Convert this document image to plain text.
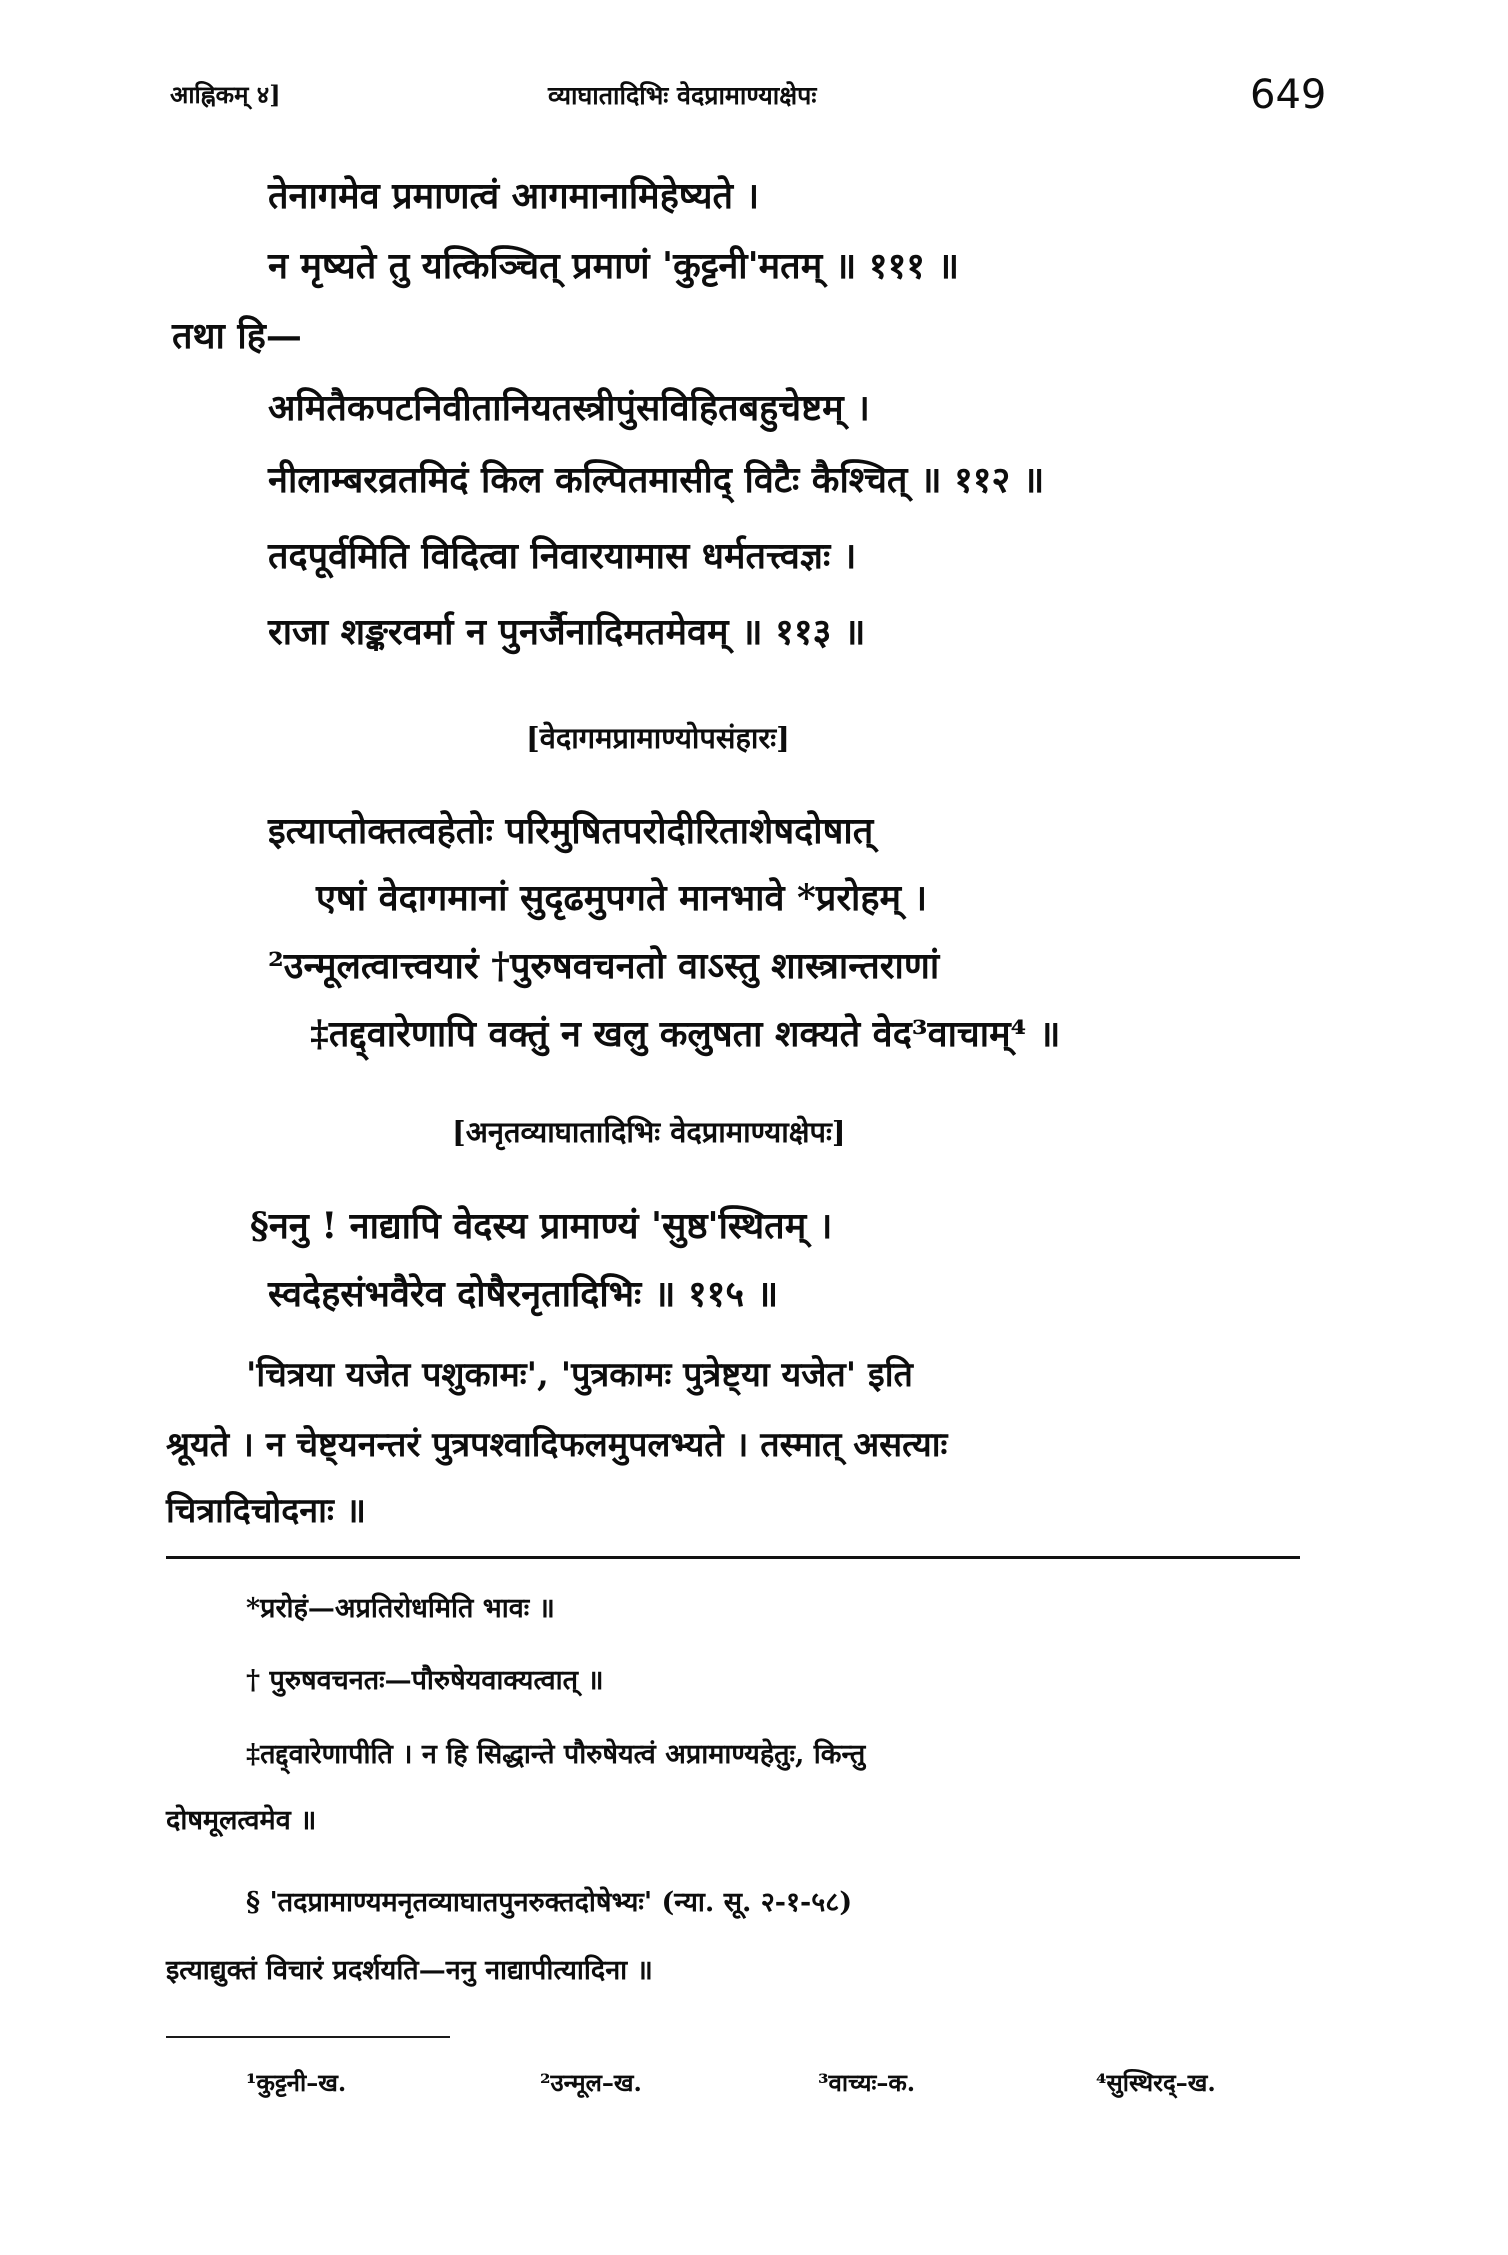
आह्निकम् ४]	व्याघातादिभिः वेदप्रामाण्याक्षेपः	649
तेनागमेव प्रमाणत्वं आगमानामिहेष्यते ।
न मृष्यते तु यत्किञ्चित् प्रमाणं 'कुट्टनी'मतम् ॥ १११ ॥
तथा हि—
अमितैकपटनिवीतानियतस्त्रीपुंसविहितबहुचेष्टम् ।
नीलाम्बरव्रतमिदं किल कल्पितमासीद् विटैः कैश्चित् ॥ ११२ ॥
तदपूर्वमिति विदित्वा निवारयामास धर्मतत्त्वज्ञः ।
राजा शङ्करवर्मा न पुनर्जैनादिमतमेवम् ॥ ११३ ॥
[वेदागमप्रामाण्योपसंहारः]
इत्याप्तोक्तत्वहेतोः परिमुषितपरोदीरिताशेषदोषात्
एषां वेदागमानां सुदृढमुपगते मानभावे *प्ररोहम् ।
²उन्मूलत्वात्त्वयारं †पुरुषवचनतो वाऽस्तु शास्त्रान्तराणां
‡तद्द्वारेणापि वक्तुं न खलु कलुषता शक्यते वेद³वाचाम्⁴ ॥
[अनृतव्याघातादिभिः वेदप्रामाण्याक्षेपः]
§ननु ! नाद्यापि वेदस्य प्रामाण्यं 'सुष्ठ'स्थितम् ।
स्वदेहसंभवैरेव दोषैरनृतादिभिः ॥ ११५ ॥
'चित्रया यजेत पशुकामः', 'पुत्रकामः पुत्रेष्ट्या यजेत' इति
श्रूयते । न चेष्ट्यनन्तरं पुत्रपश्वादिफलमुपलभ्यते । तस्मात् असत्याः
चित्रादिचोदनाः ॥
*प्ररोहं—अप्रतिरोधमिति भावः ॥
† पुरुषवचनतः—पौरुषेयवाक्यत्वात् ॥
‡तद्द्वारेणापीति । न हि सिद्धान्ते पौरुषेयत्वं अप्रामाण्यहेतुः, किन्तु
दोषमूलत्वमेव ॥
§ 'तदप्रामाण्यमनृतव्याघातपुनरुक्तदोषेभ्यः' (न्या. सू. २-१-५८)
इत्याद्युक्तं विचारं प्रदर्शयति—ननु नाद्यापीत्यादिना ॥
¹कुट्टनी–ख.	²उन्मूल–ख.	³वाच्यः–क.	⁴सुस्थिरद्–ख.
